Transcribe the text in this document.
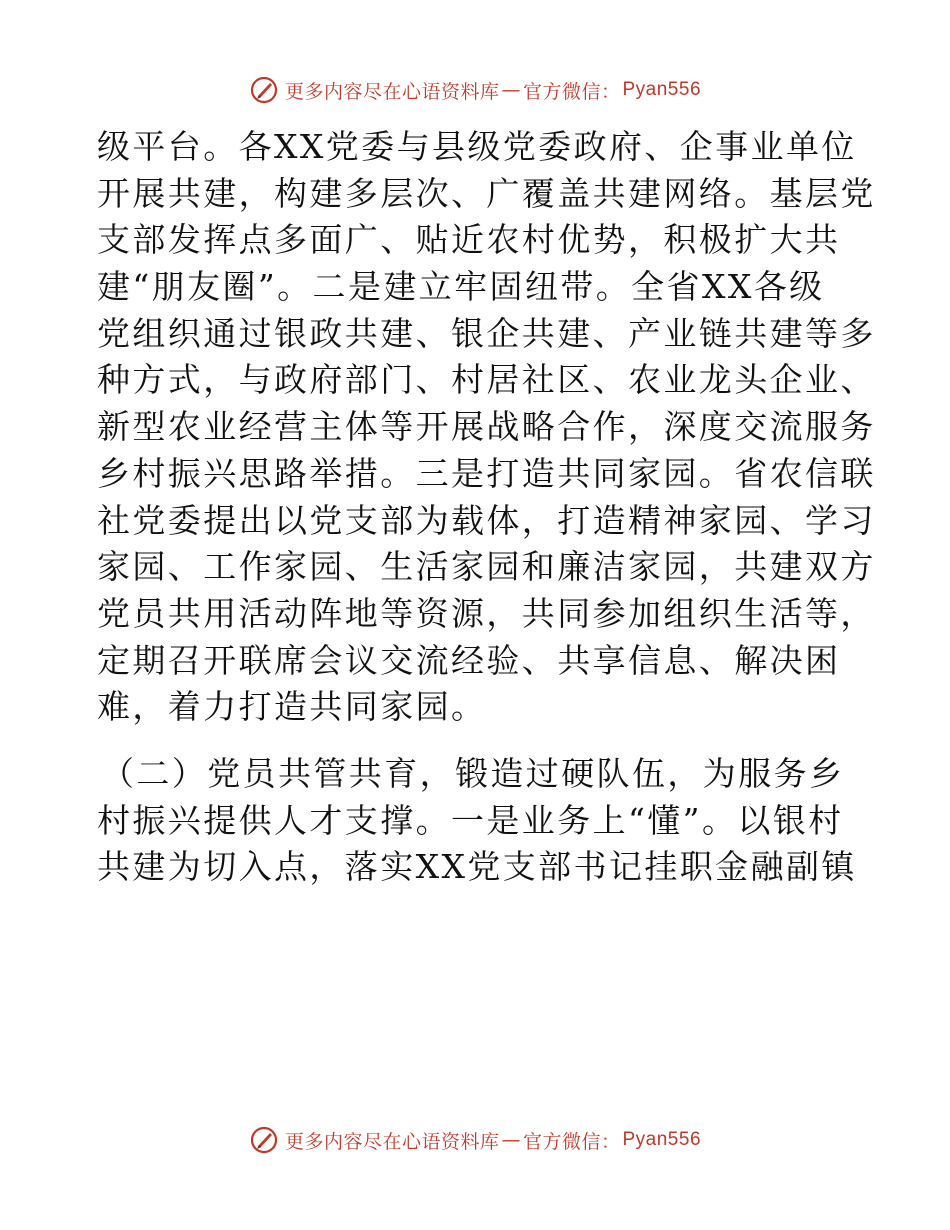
更多内容尽在心语资料库 — 官方微信： Pyan556
级平台。各XX党委与县级党委政府、企事业单位
开展共建，构建多层次、广覆盖共建网络。基层党
支部发挥点多面广、贴近农村优势，积极扩大共
建“朋友圈”。二是建立牢固纽带。全省XX各级
党组织通过银政共建、银企共建、产业链共建等多
种方式，与政府部门、村居社区、农业龙头企业、
新型农业经营主体等开展战略合作，深度交流服务
乡村振兴思路举措。三是打造共同家园。省农信联
社党委提出以党支部为载体，打造精神家园、学习
家园、工作家园、生活家园和廉洁家园，共建双方
党员共用活动阵地等资源，共同参加组织生活等，
定期召开联席会议交流经验、共享信息、解决困
难，着力打造共同家园。
（二）党员共管共育，锻造过硬队伍，为服务乡
村振兴提供人才支撑。一是业务上“懂”。以银村
共建为切入点，落实XX党支部书记挂职金融副镇
更多内容尽在心语资料库 — 官方微信： Pyan556
